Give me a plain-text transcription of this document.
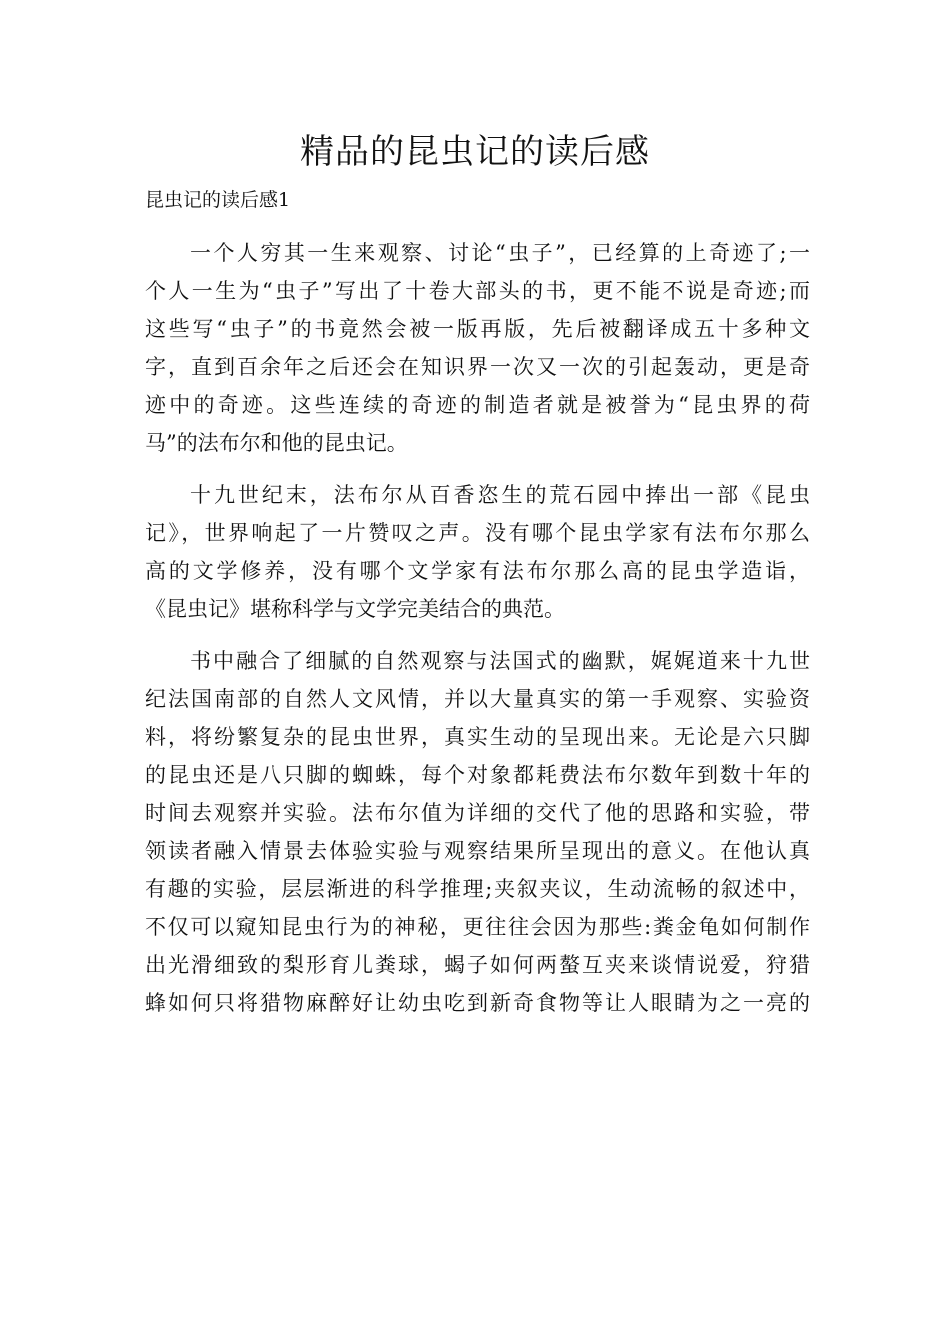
精品的昆虫记的读后感

昆虫记的读后感1

一个人穷其一生来观察、讨论“虫子”，已经算的上奇迹了;一
个人一生为“虫子”写出了十卷大部头的书，更不能不说是奇迹;而
这些写“虫子”的书竟然会被一版再版，先后被翻译成五十多种文
字，直到百余年之后还会在知识界一次又一次的引起轰动，更是奇
迹中的奇迹。这些连续的奇迹的制造者就是被誉为“昆虫界的荷
马”的法布尔和他的昆虫记。
十九世纪末，法布尔从百香恣生的荒石园中捧出一部《昆虫
记》，世界响起了一片赞叹之声。没有哪个昆虫学家有法布尔那么
高的文学修养，没有哪个文学家有法布尔那么高的昆虫学造诣，
《昆虫记》堪称科学与文学完美结合的典范。
书中融合了细腻的自然观察与法国式的幽默，娓娓道来十九世
纪法国南部的自然人文风情，并以大量真实的第一手观察、实验资
料，将纷繁复杂的昆虫世界，真实生动的呈现出来。无论是六只脚
的昆虫还是八只脚的蜘蛛，每个对象都耗费法布尔数年到数十年的
时间去观察并实验。法布尔值为详细的交代了他的思路和实验，带
领读者融入情景去体验实验与观察结果所呈现出的意义。在他认真
有趣的实验，层层渐进的科学推理;夹叙夹议，生动流畅的叙述中，
不仅可以窥知昆虫行为的神秘，更往往会因为那些:粪金龟如何制作
出光滑细致的梨形育儿粪球，蝎子如何两螯互夹来谈情说爱，狩猎
蜂如何只将猎物麻醉好让幼虫吃到新奇食物等让人眼睛为之一亮的
